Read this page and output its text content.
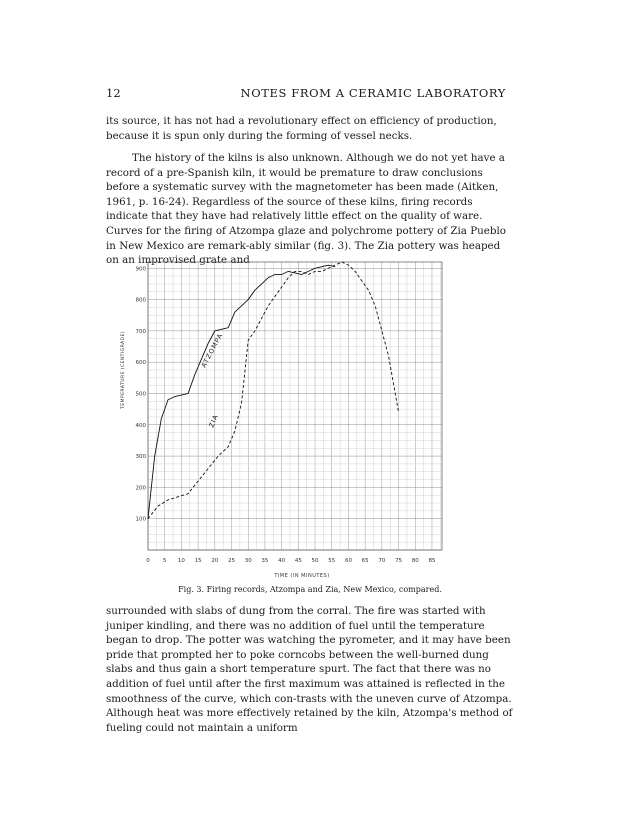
12	NOTES FROM A CERAMIC LABORATORY

its source, it has not had a revolutionary effect on efficiency of production, because it is spun only during the forming of vessel necks.

The history of the kilns is also unknown. Although we do not yet have a record of a pre-Spanish kiln, it would be premature to draw conclusions before a systematic survey with the magnetometer has been made (Aitken, 1961, p. 16-24). Regardless of the source of these kilns, firing records indicate that they have had relatively little effect on the quality of ware. Curves for the firing of Atzompa glaze and polychrome pottery of Zia Pueblo in New Mexico are remark-ably similar (fig. 3). The Zia pottery was heaped on an improvised grate and

100
200
300
400
500
600
700
800
900
0 5 10 15 20 25 30 35 40 45 50 55 60 65 70 75 80 85
TEMPERATURE (CENTIGRADE)
TIME (IN MINUTES)
ATZOMPA
ZIA
Fig. 3. Firing records, Atzompa and Zia, New Mexico, compared.

surrounded with slabs of dung from the corral. The fire was started with juniper kindling, and there was no addition of fuel until the temperature began to drop. The potter was watching the pyrometer, and it may have been pride that prompted her to poke corncobs between the well-burned dung slabs and thus gain a short temperature spurt. The fact that there was no addition of fuel until after the first maximum was attained is reflected in the smoothness of the curve, which con-trasts with the uneven curve of Atzompa. Although heat was more effectively retained by the kiln, Atzompa's method of fueling could not maintain a uniform
